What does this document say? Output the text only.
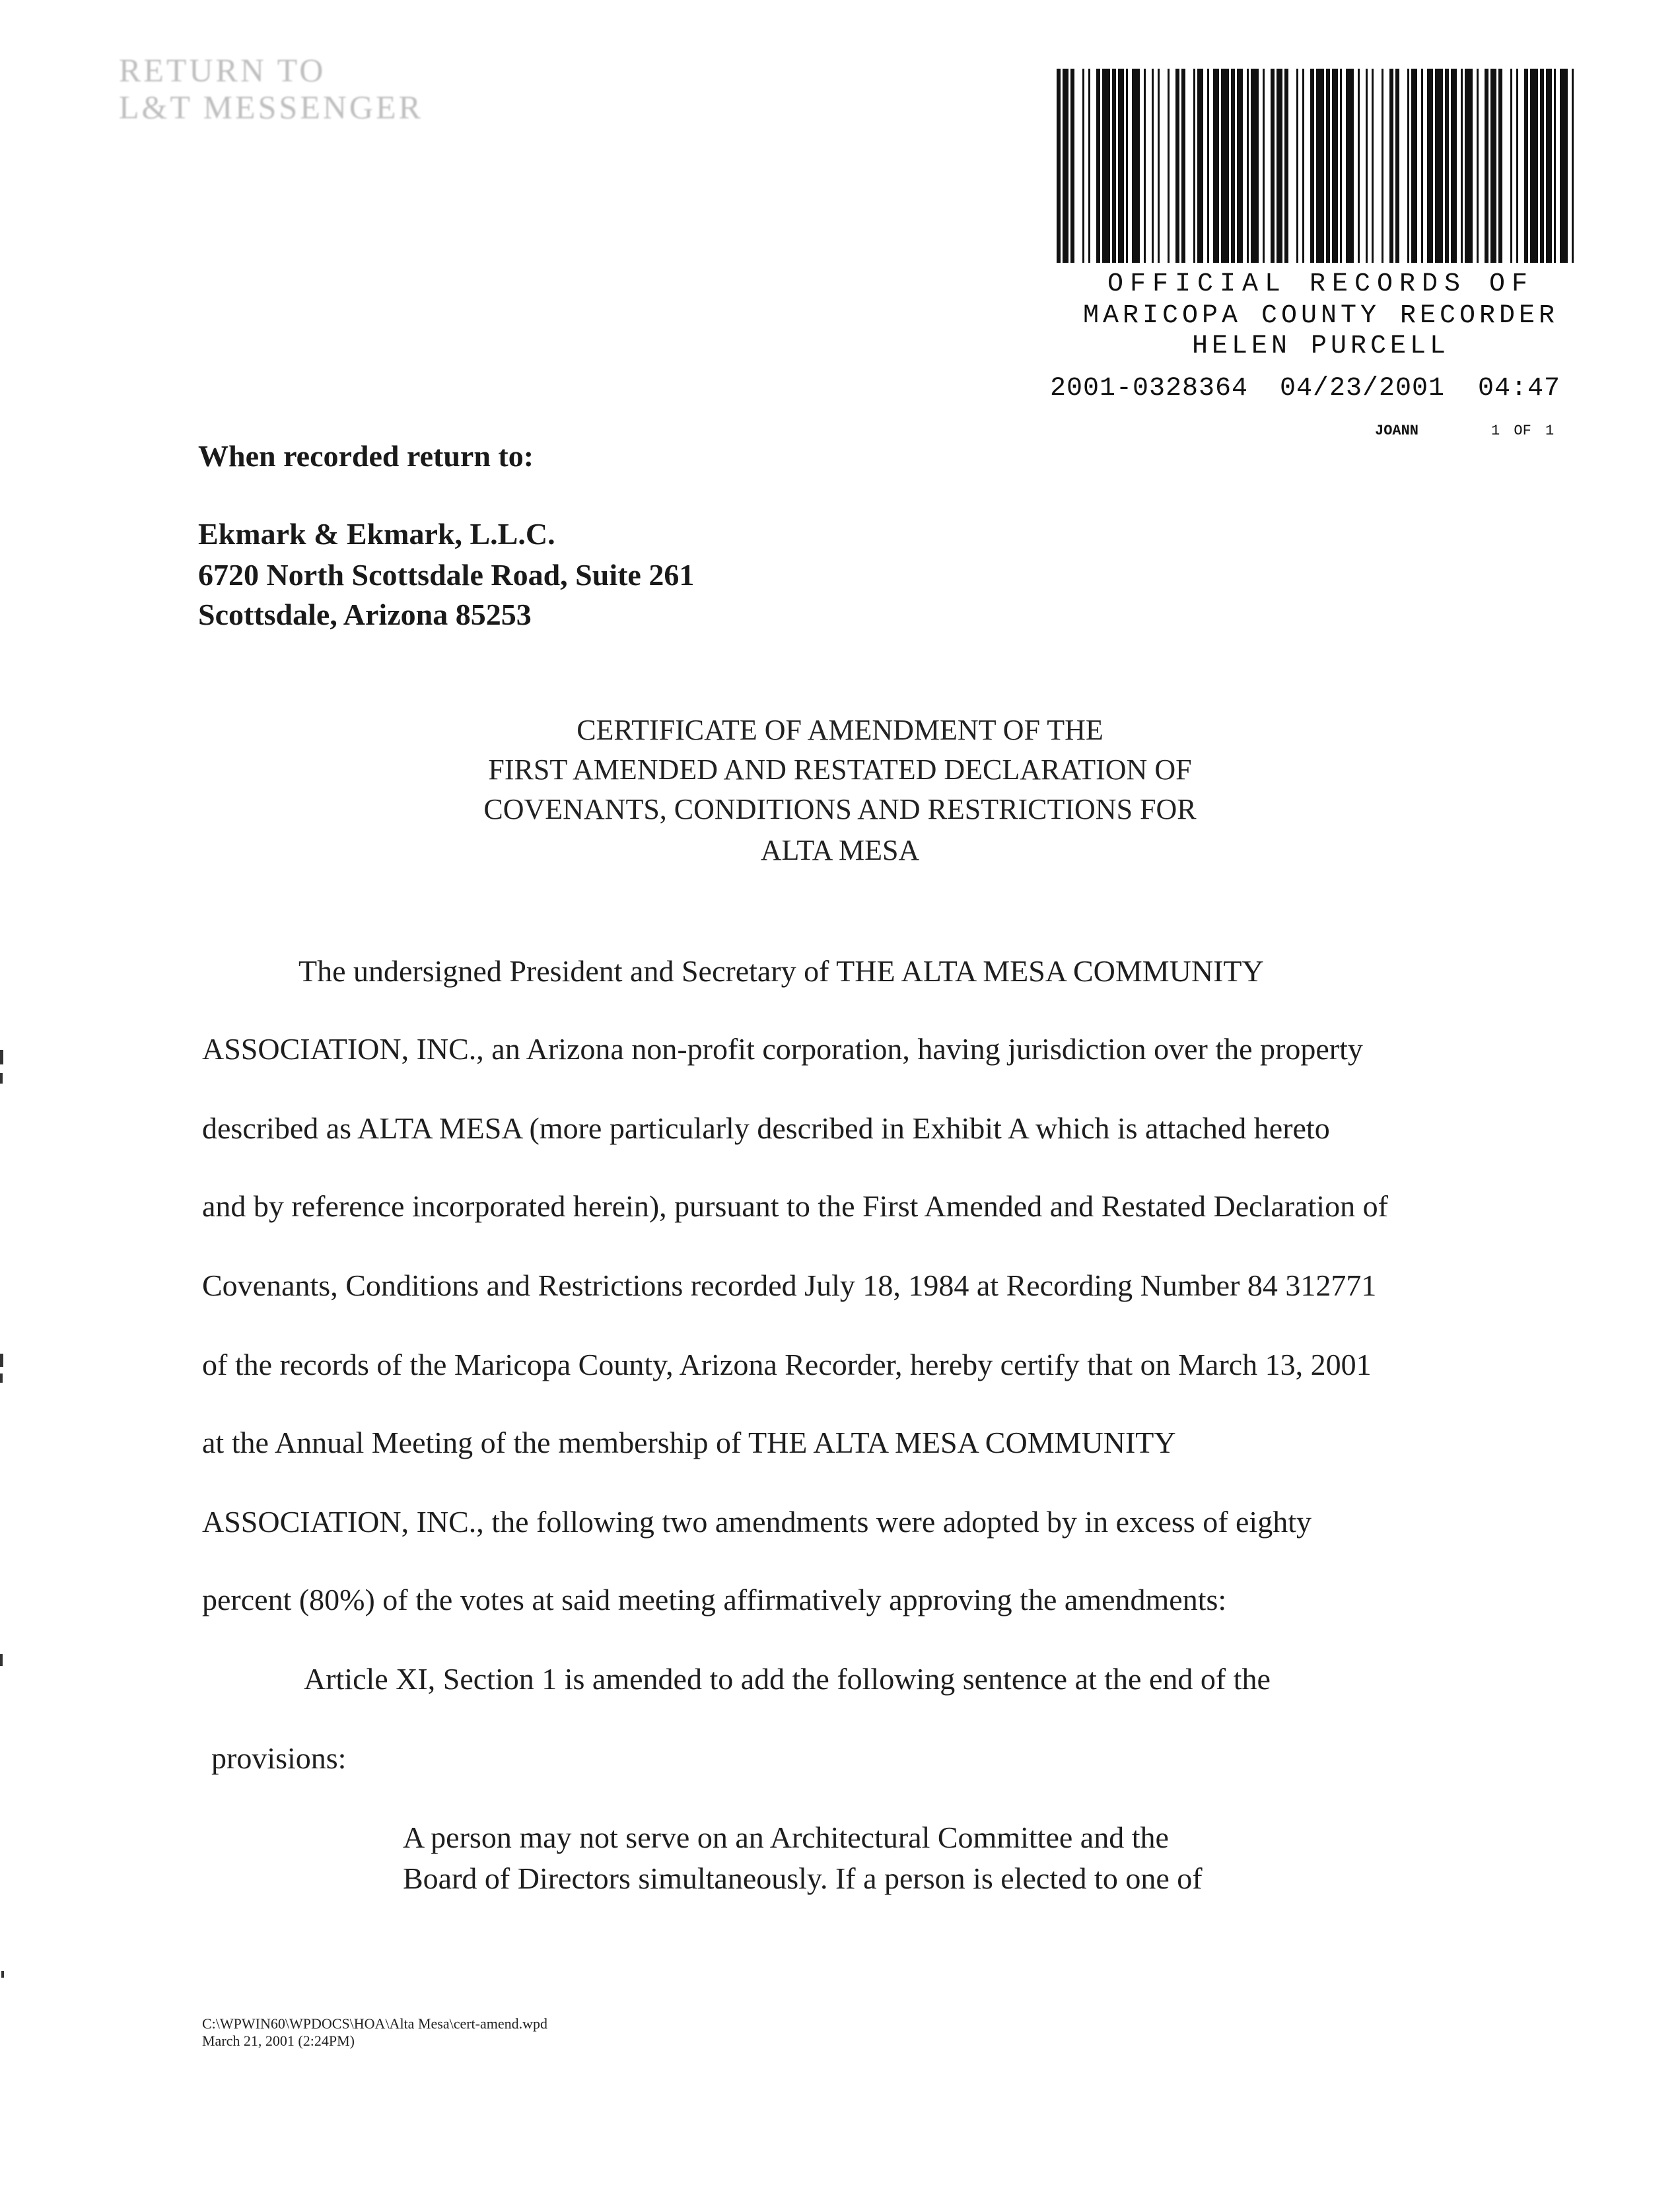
RETURN TO
L&T MESSENGER
OFFICIAL RECORDS OF
MARICOPA COUNTY RECORDER
HELEN PURCELL
2001-0328364 04/23/2001 04:47
JOANN	1 OF 1
When recorded return to:
Ekmark & Ekmark, L.L.C.
6720 North Scottsdale Road, Suite 261
Scottsdale, Arizona 85253
CERTIFICATE OF AMENDMENT OF THE
FIRST AMENDED AND RESTATED DECLARATION OF
COVENANTS, CONDITIONS AND RESTRICTIONS FOR
ALTA MESA
The undersigned President and Secretary of THE ALTA MESA COMMUNITY
ASSOCIATION, INC., an Arizona non-profit corporation, having jurisdiction over the property
described as ALTA MESA (more particularly described in Exhibit A which is attached hereto
and by reference incorporated herein), pursuant to the First Amended and Restated Declaration of
Covenants, Conditions and Restrictions recorded July 18, 1984 at Recording Number 84 312771
of the records of the Maricopa County, Arizona Recorder, hereby certify that on March 13, 2001
at the Annual Meeting of the membership of THE ALTA MESA COMMUNITY
ASSOCIATION, INC., the following two amendments were adopted by in excess of eighty
percent (80%) of the votes at said meeting affirmatively approving the amendments:
Article XI, Section 1 is amended to add the following sentence at the end of the
provisions:
A person may not serve on an Architectural Committee and the
Board of Directors simultaneously. If a person is elected to one of
C:\WPWIN60\WPDOCS\HOA\Alta Mesa\cert-amend.wpd
March 21, 2001 (2:24PM)
